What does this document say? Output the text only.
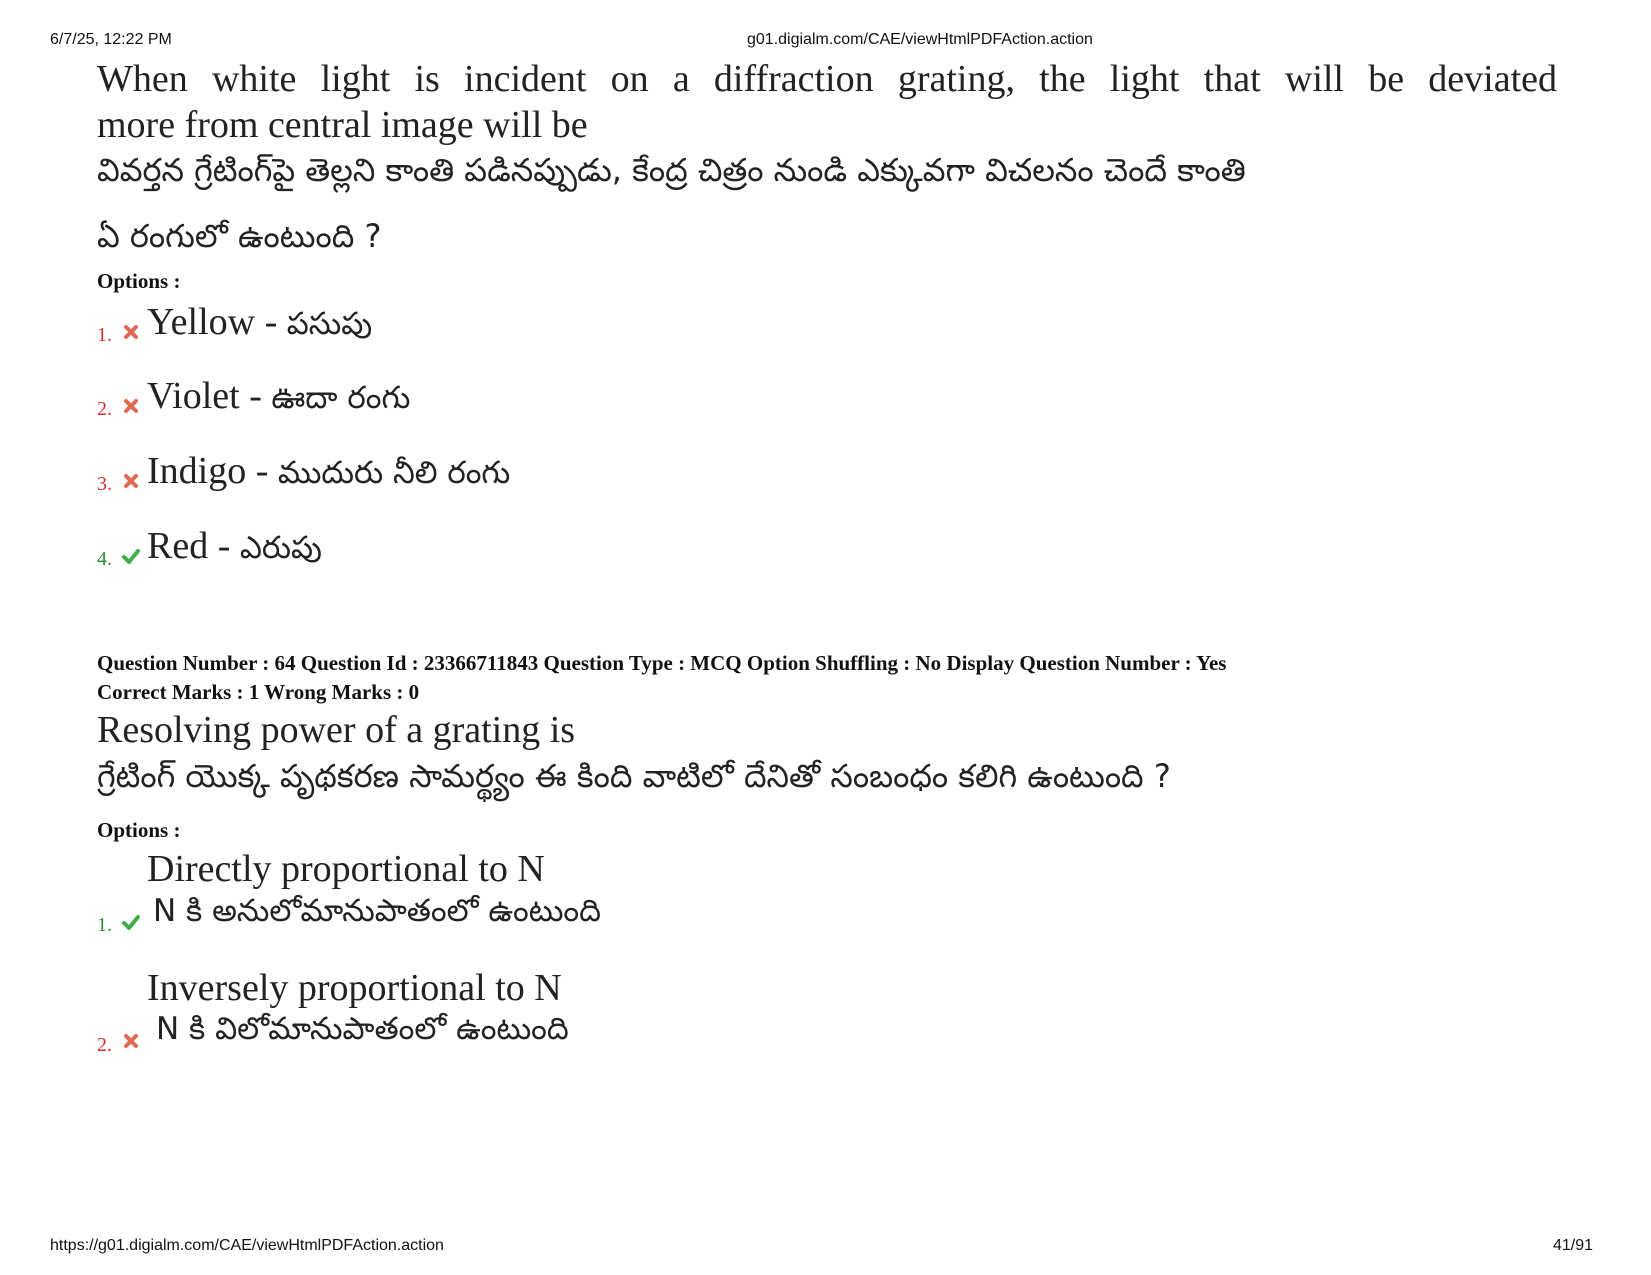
6/7/25, 12:22 PM	g01.digialm.com/CAE/viewHtmlPDFAction.action
When white light is incident on a diffraction grating, the light that will be deviated
more from central image will be
వివర్తన గ్రేటింగ్‌పై తెల్లని కాంతి పడినప్పుడు, కేంద్ర చిత్రం నుండి ఎక్కువగా విచలనం చెందే కాంతి
ఏ రంగులో ఉంటుంది ?
Options :
1. Yellow - పసుపు
2. Violet - ఊదా రంగు
3. Indigo - ముదురు నీలి రంగు
4. Red - ఎరుపు
Question Number : 64 Question Id : 23366711843 Question Type : MCQ Option Shuffling : No Display Question Number : Yes
Correct Marks : 1 Wrong Marks : 0
Resolving power of a grating is
గ్రేటింగ్ యొక్క పృథకరణ సామర్థ్యం ఈ కింది వాటిలో దేనితో సంబంధం కలిగి ఉంటుంది ?
Options :
Directly proportional to N
1. N కి అనులోమానుపాతంలో ఉంటుంది
Inversely proportional to N
2. N కి విలోమానుపాతంలో ఉంటుంది
https://g01.digialm.com/CAE/viewHtmlPDFAction.action	41/91
